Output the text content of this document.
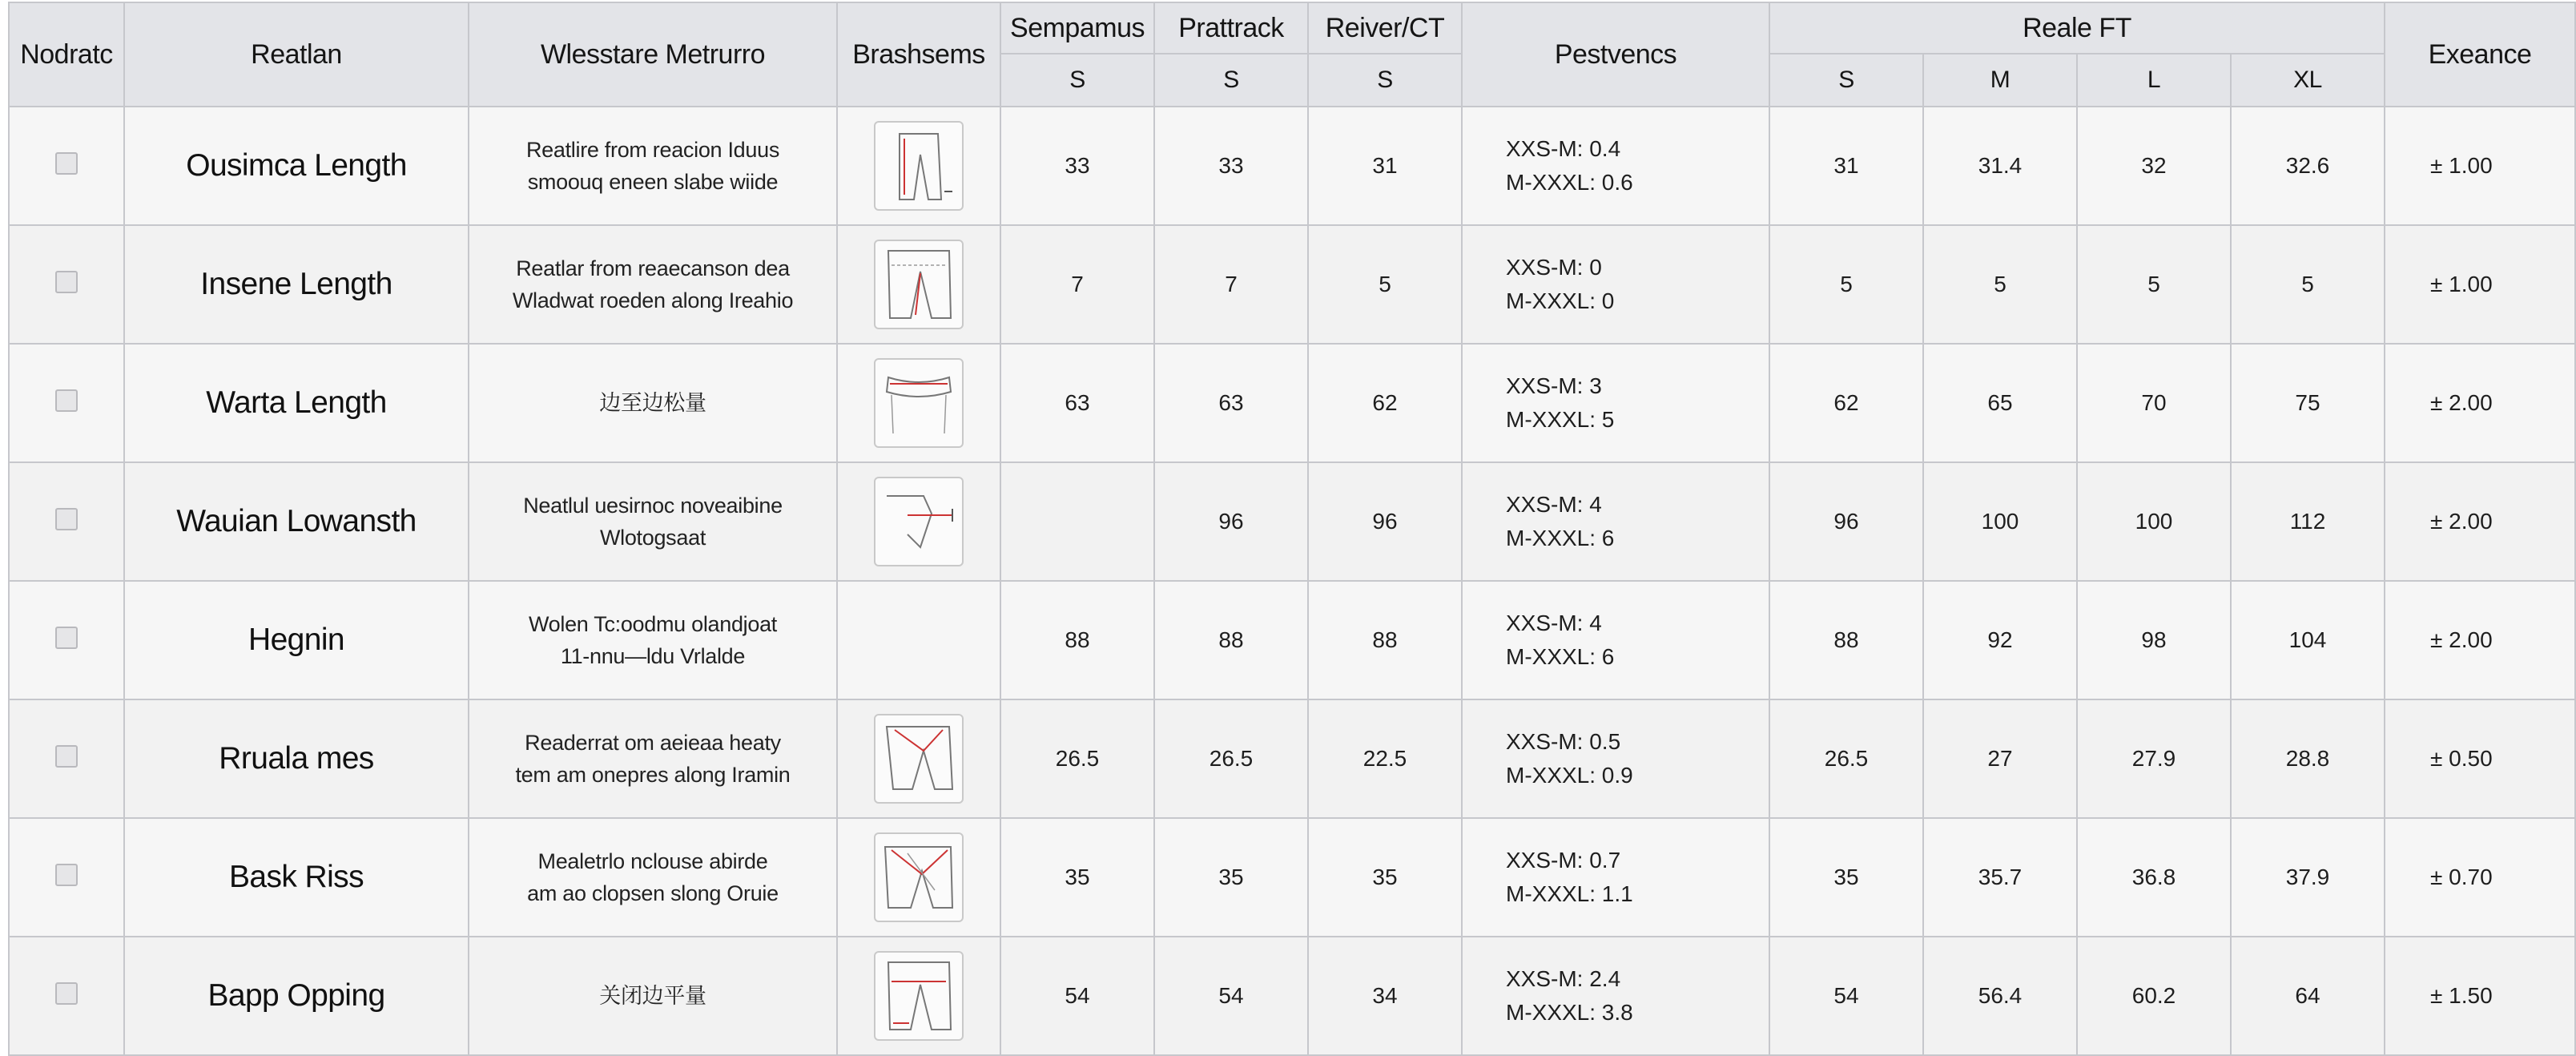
Nodratc	Reatlan	Wlesstare Metrurro	Brashsems	Sempamus	Prattrack	Reiver/CT	Pestvencs	Reale FT				Exeance
				S	S	S		S	M	L	XL	
	Ousimca Length	Reatlire from reacion Iduus
smoouq eneen slabe wiide		33	33	31	XXS-M: 0.4
M-XXXL: 0.6	31	31.4	32	32.6	± 1.00
	Insene Length	Reatlar from reaecanson dea
Wladwat roeden along Ireahio		7	7	5	XXS-M: 0
M-XXXL: 0	5	5	5	5	± 1.00
	Warta Length	边至边松量		63	63	62	XXS-M: 3
M-XXXL: 5	62	65	70	75	± 2.00
	Wauian Lowansth	Neatlul uesirnoc noveaibine
Wlotogsaat			96	96	XXS-M: 4
M-XXXL: 6	96	100	100	112	± 2.00
	Hegnin	Wolen Tc:oodmu olandjoat
11-nnu—ldu Vrlalde		88	88	88	XXS-M: 4
M-XXXL: 6	88	92	98	104	± 2.00
	Rruala mes	Readerrat om aeieaa heaty
tem am onepres along Iramin		26.5	26.5	22.5	XXS-M: 0.5
M-XXXL: 0.9	26.5	27	27.9	28.8	± 0.50
	Bask Riss	Mealetrlo nclouse abirde
am ao clopsen slong Oruie		35	35	35	XXS-M: 0.7
M-XXXL: 1.1	35	35.7	36.8	37.9	± 0.70
	Bapp Opping	关闭边平量		54	54	34	XXS-M: 2.4
M-XXXL: 3.8	54	56.4	60.2	64	± 1.50
